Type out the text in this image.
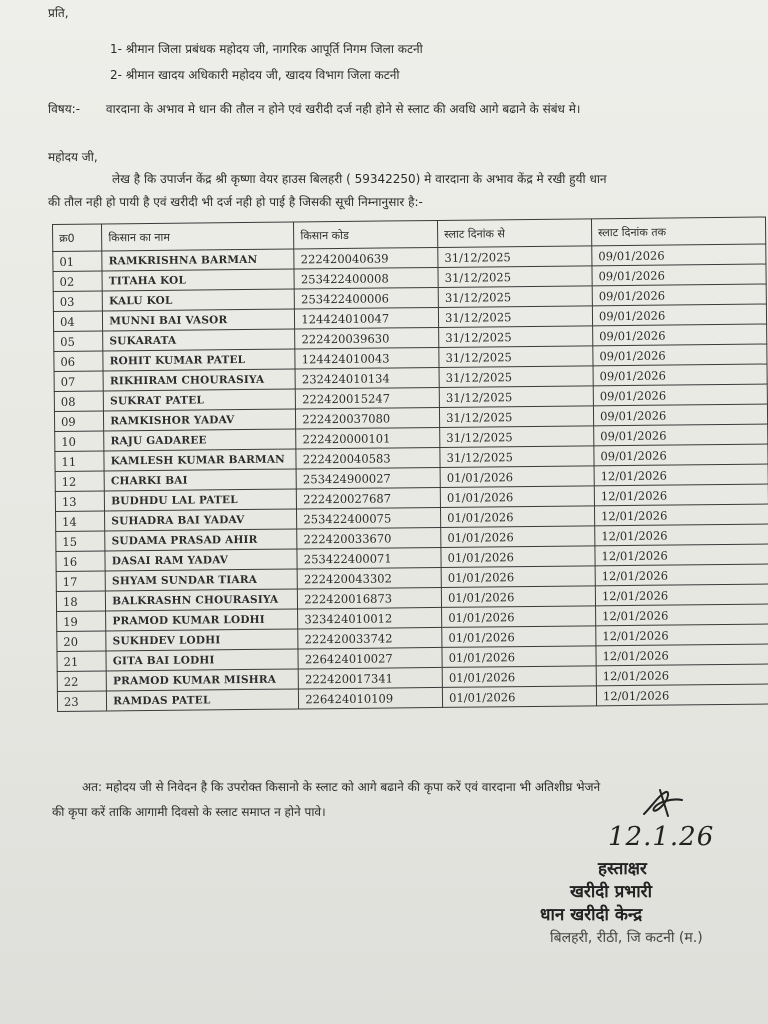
प्रति,
1- श्रीमान जिला प्रबंधक महोदय जी, नागरिक आपूर्ति निगम जिला कटनी
2- श्रीमान खादय अधिकारी महोदय जी, खादय विभाग जिला कटनी
विषय:- वारदाना के अभाव मे धान की तौल न होने एवं खरीदी दर्ज नही होने से स्लाट की अवधि आगे बढाने के संबंध मे।
महोदय जी,
लेख है कि उपार्जन केंद्र श्री कृष्णा वेयर हाउस बिलहरी ( 59342250) मे वारदाना के अभाव केंद्र मे रखी हुयी धान
की तौल नही हो पायी है एवं खरीदी भी दर्ज नही हो पाई है जिसकी सूची निम्नानुसार है:-
क्र0	किसान का नाम	किसान कोड	स्लाट दिनांक से	स्लाट दिनांक तक
01	RAMKRISHNA BARMAN	222420040639	31/12/2025	09/01/2026
02	TITAHA KOL	253422400008	31/12/2025	09/01/2026
03	KALU KOL	253422400006	31/12/2025	09/01/2026
04	MUNNI BAI VASOR	124424010047	31/12/2025	09/01/2026
05	SUKARATA	222420039630	31/12/2025	09/01/2026
06	ROHIT KUMAR PATEL	124424010043	31/12/2025	09/01/2026
07	RIKHIRAM CHOURASIYA	232424010134	31/12/2025	09/01/2026
08	SUKRAT PATEL	222420015247	31/12/2025	09/01/2026
09	RAMKISHOR YADAV	222420037080	31/12/2025	09/01/2026
10	RAJU GADAREE	222420000101	31/12/2025	09/01/2026
11	KAMLESH KUMAR BARMAN	222420040583	31/12/2025	09/01/2026
12	CHARKI BAI	253424900027	01/01/2026	12/01/2026
13	BUDHDU LAL PATEL	222420027687	01/01/2026	12/01/2026
14	SUHADRA BAI YADAV	253422400075	01/01/2026	12/01/2026
15	SUDAMA PRASAD AHIR	222420033670	01/01/2026	12/01/2026
16	DASAI RAM YADAV	253422400071	01/01/2026	12/01/2026
17	SHYAM SUNDAR TIARA	222420043302	01/01/2026	12/01/2026
18	BALKRASHN CHOURASIYA	222420016873	01/01/2026	12/01/2026
19	PRAMOD KUMAR LODHI	323424010012	01/01/2026	12/01/2026
20	SUKHDEV LODHI	222420033742	01/01/2026	12/01/2026
21	GITA BAI LODHI	226424010027	01/01/2026	12/01/2026
22	PRAMOD KUMAR MISHRA	222420017341	01/01/2026	12/01/2026
23	RAMDAS PATEL	226424010109	01/01/2026	12/01/2026
अत: महोदय जी से निवेदन है कि उपरोक्त किसानो के स्लाट को आगे बढाने की कृपा करें एवं वारदाना भी अतिशीघ्र भेजने
की कृपा करें ताकि आगामी दिवसो के स्लाट समाप्त न होने पावे।
12.1.26
हस्ताक्षर
खरीदी प्रभारी
धान खरीदी केन्द्र
बिलहरी, रीठी, जि कटनी (म.)
